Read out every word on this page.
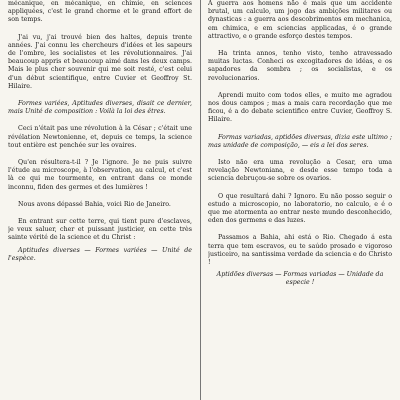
mécanique, en mécanique, en chimie, en sciences appliquées, c'est le grand chorme et le grand effort de son temps.

J'ai vu, j'ai trouvé bien des haltes, depuis trente années. J'ai connu les chercheurs d'idées et les sapeurs de l'ombre, les socialistes et les révolutionnaires. J'ai beaucoup appris et beaucoup aimé dans les deux camps. Mais le plus cher souvenir qui me soit resté, c'est celui d'un début scientifique, entre Cuvier et Geoffroy St. Hilaire.

Formes variées, Aptitudes diverses, disait ce dernier, mais Unité de composition : Voilà la loi des êtres.

Ceci n'était pas une révolution à la César ; c'était une révélation Newtonienne, et, depuis ce temps, la science tout entière est penchée sur les ovaires.

Qu'en résultera-t-il ? Je l'ignore. Je ne puis suivre l'étude au microscope, à l'observation, au calcul, et c'est là ce qui me tourmente, en entrant dans ce monde inconnu, fiden des germes et des lumières !

Nous avons dépassé Bahia, voici Rio de Janeiro.

En entrant sur cette terre, qui tient pure d'esclaves, je veux saluer, cher et puissant justicier, en cette très sainte vérité de la science et du Christ :

Aptitudes diverses — Formes variées — Unité de l'espèce.

A guerra aos homens não é mais que um accidente brutal, um calculo, um jogo das ambições militares ou dynasticas : a guerra aos descobrimentos em mechanica, em chimica, e em sciencias applicadas, é o grande attractivo, e o grande esforço destes tempos.

Ha trinta annos, tenho visto, tenho atravessado muitas luctas. Conheci os excogitadores de idéas, e os sapadores da sombra ; os socialistas, e os revolucionarios.

Aprendi muito com todos elles, e muito me agradou nos dous campos ; mas a mais cara recordação que me ficou, é a do debate scientifico entre Cuvier, Geoffroy S. Hilaire.

Formas variadas, aptidões diversas, dizia este ultimo ; mas unidade de composição, — eis a lei dos seres.

Isto não era uma revolução a Cesar, era uma revelação Newtoniana, e desde esse tempo toda a sciencia debruçou-se sobre os ovarios.

O que resultará dahi ? Ignoro. Eu não posso seguir o estudo a microscopio, no laboratorio, no calculo, e é o que me atormenta ao entrar neste mundo desconhecido, eden dos germens e das luzes.

Passamos a Bahia, ahi está o Rio. Chegado á esta terra que tem escravos, eu te saúdo prosado e vigoroso justiceiro, na santissima verdade da sciencia e do Christo !

Aptidões diversas — Formas variadas — Unidade da especie !
